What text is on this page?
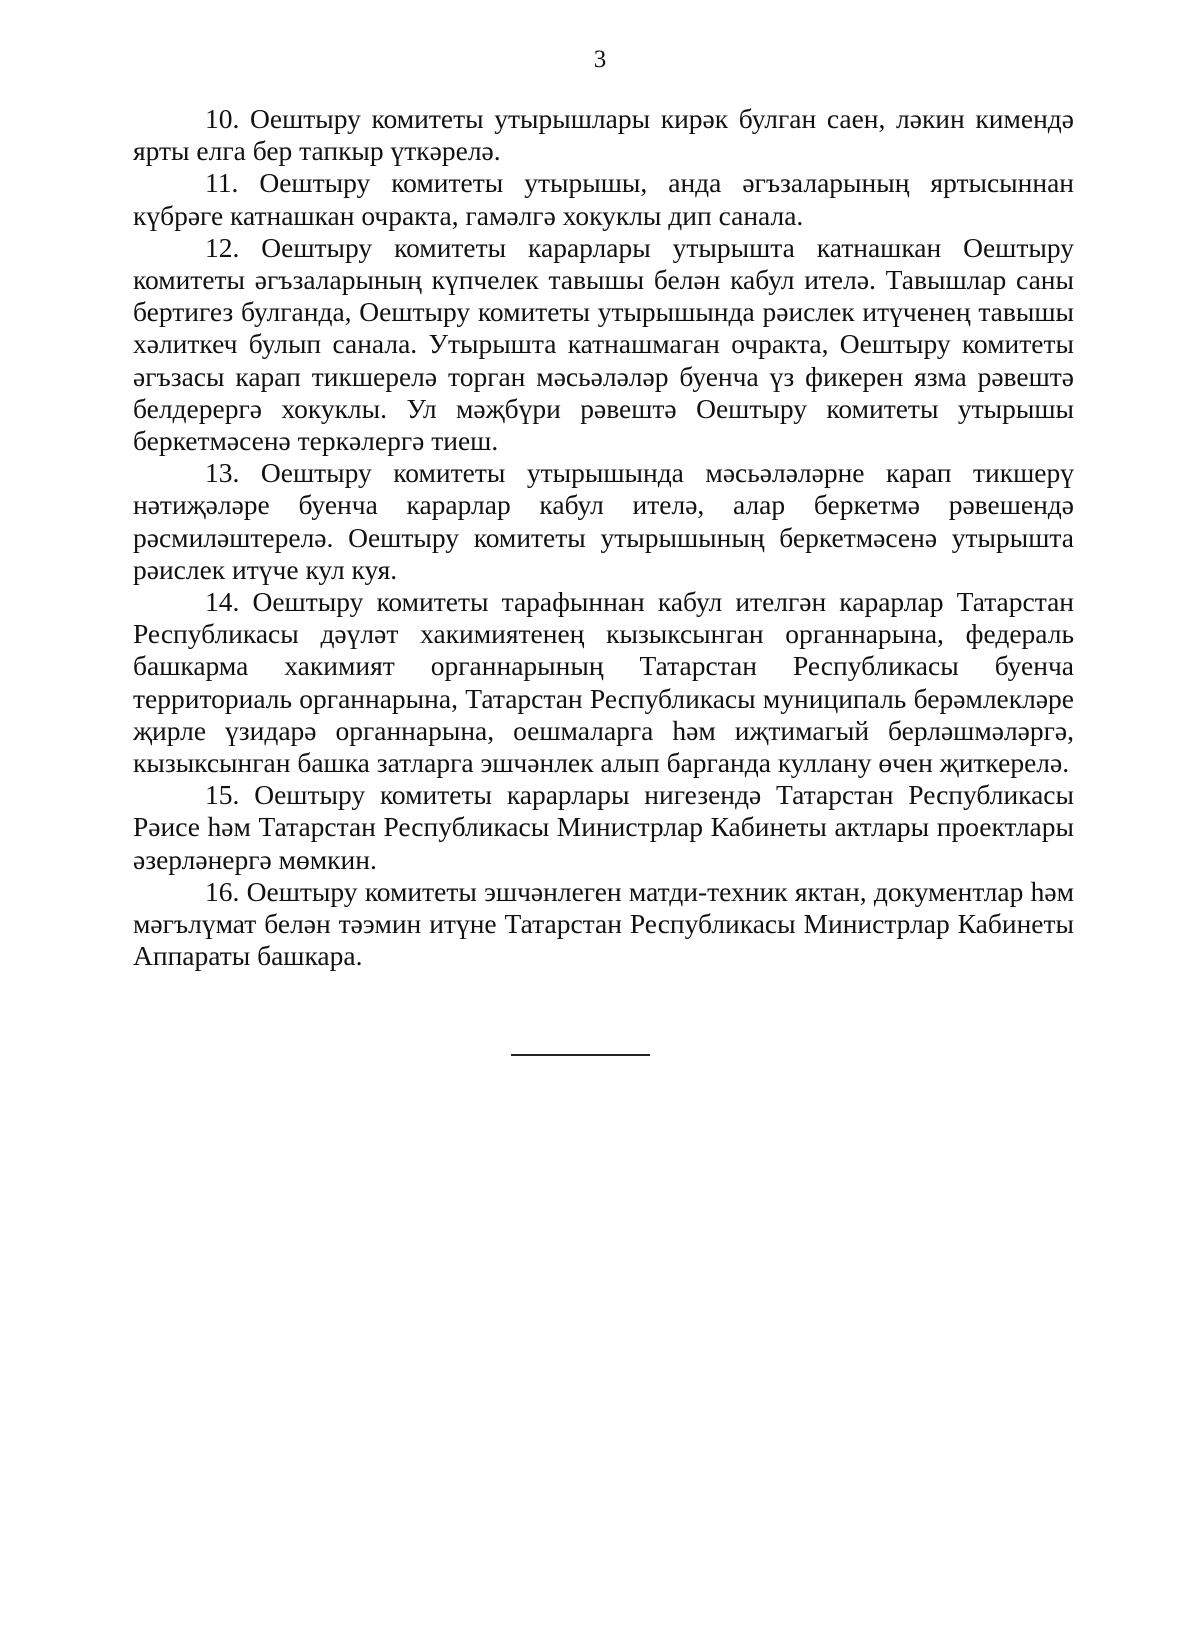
3

10. Оештыру комитеты утырышлары кирәк булган саен, ләкин кимендә ярты елга бер тапкыр үткәрелә.

11. Оештыру комитеты утырышы, анда әгъзаларының яртысыннан күбрәге катнашкан очракта, гамәлгә хокуклы дип санала.

12. Оештыру комитеты карарлары утырышта катнашкан Оештыру комитеты әгъзаларының күпчелек тавышы белән кабул ителә. Тавышлар саны бертигез булганда, Оештыру комитеты утырышында рәислек итүченең тавышы хәлиткеч булып санала. Утырышта катнашмаган очракта, Оештыру комитеты әгъзасы карап тикшерелә торган мәсьәләләр буенча үз фикерен язма рәвештә белдерергә хокуклы. Ул мәҗбүри рәвештә Оештыру комитеты утырышы беркетмәсенә теркәлергә тиеш.

13. Оештыру комитеты утырышында мәсьәләләрне карап тикшерү нәтиҗәләре буенча карарлар кабул ителә, алар беркетмә рәвешендә рәсмиләштерелә. Оештыру комитеты утырышының беркетмәсенә утырышта рәислек итүче кул куя.

14. Оештыру комитеты тарафыннан кабул ителгән карарлар Татарстан Республикасы дәүләт хакимиятенең кызыксынган органнарына, федераль башкарма хакимият органнарының Татарстан Республикасы буенча территориаль органнарына, Татарстан Республикасы муниципаль берәмлекләре җирле үзидарә органнарына, оешмаларга һәм иҗтимагый берләшмәләргә, кызыксынган башка затларга эшчәнлек алып барганда куллану өчен җиткерелә.

15. Оештыру комитеты карарлары нигезендә Татарстан Республикасы Рәисе һәм Татарстан Республикасы Министрлар Кабинеты актлары проектлары әзерләнергә мөмкин.

16. Оештыру комитеты эшчәнлеген матди-техник яктан, документлар һәм мәгълүмат белән тәэмин итүне Татарстан Республикасы Министрлар Кабинеты Аппараты башкара.
